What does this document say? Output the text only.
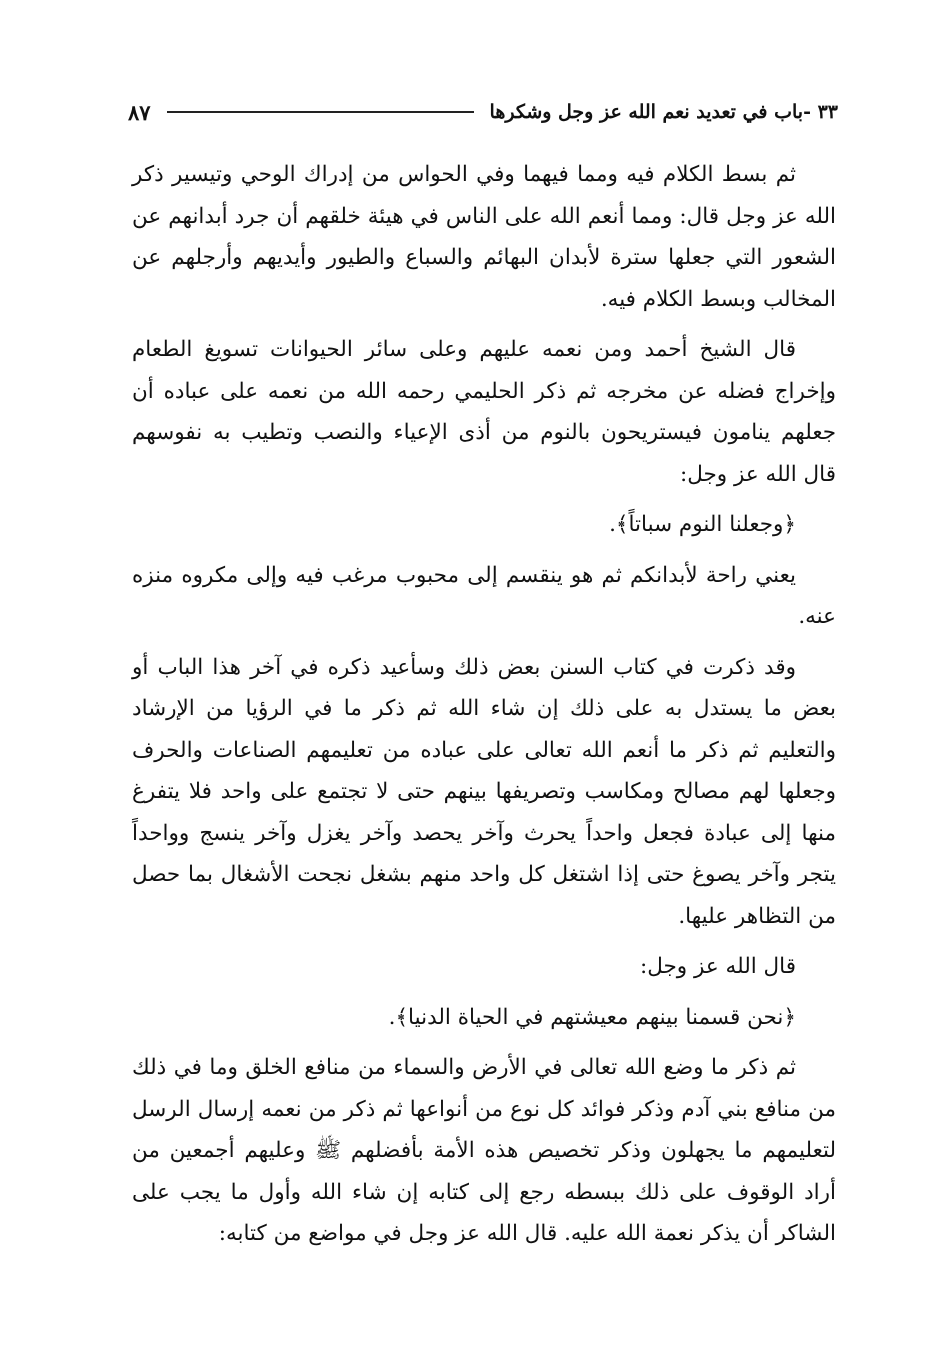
٣٣ -باب في تعديد نعم الله عز وجل وشكرها
٨٧

ثم بسط الكلام فيه ومما فيهما وفي الحواس من إدراك الوحي وتيسير ذكر الله عز وجل قال: ومما أنعم الله على الناس في هيئة خلقهم أن جرد أبدانهم عن الشعور التي جعلها سترة لأبدان البهائم والسباع والطيور وأيديهم وأرجلهم عن المخالب وبسط الكلام فيه.

قال الشيخ أحمد ومن نعمه عليهم وعلى سائر الحيوانات تسويغ الطعام وإخراج فضله عن مخرجه ثم ذكر الحليمي رحمه الله من نعمه على عباده أن جعلهم ينامون فيستريحون بالنوم من أذى الإعياء والنصب وتطيب به نفوسهم قال الله عز وجل:

﴿وجعلنا النوم سباتاً﴾.

يعني راحة لأبدانكم ثم هو ينقسم إلى محبوب مرغب فيه وإلى مكروه منزه عنه.

وقد ذكرت في كتاب السنن بعض ذلك وسأعيد ذكره في آخر هذا الباب أو بعض ما يستدل به على ذلك إن شاء الله ثم ذكر ما في الرؤيا من الإرشاد والتعليم ثم ذكر ما أنعم الله تعالى على عباده من تعليمهم الصناعات والحرف وجعلها لهم مصالح ومكاسب وتصريفها بينهم حتى لا تجتمع على واحد فلا يتفرغ منها إلى عبادة فجعل واحداً يحرث وآخر يحصد وآخر يغزل وآخر ينسج وواحداً يتجر وآخر يصوغ حتى إذا اشتغل كل واحد منهم بشغل نجحت الأشغال بما حصل من التظاهر عليها.

قال الله عز وجل:

﴿نحن قسمنا بينهم معيشتهم في الحياة الدنيا﴾.

ثم ذكر ما وضع الله تعالى في الأرض والسماء من منافع الخلق وما في ذلك من منافع بني آدم وذكر فوائد كل نوع من أنواعها ثم ذكر من نعمه إرسال الرسل لتعليمهم ما يجهلون وذكر تخصيص هذه الأمة بأفضلهم ﷺ وعليهم أجمعين من أراد الوقوف على ذلك ببسطه رجع إلى كتابه إن شاء الله وأول ما يجب على الشاكر أن يذكر نعمة الله عليه. قال الله عز وجل في مواضع من كتابه:
